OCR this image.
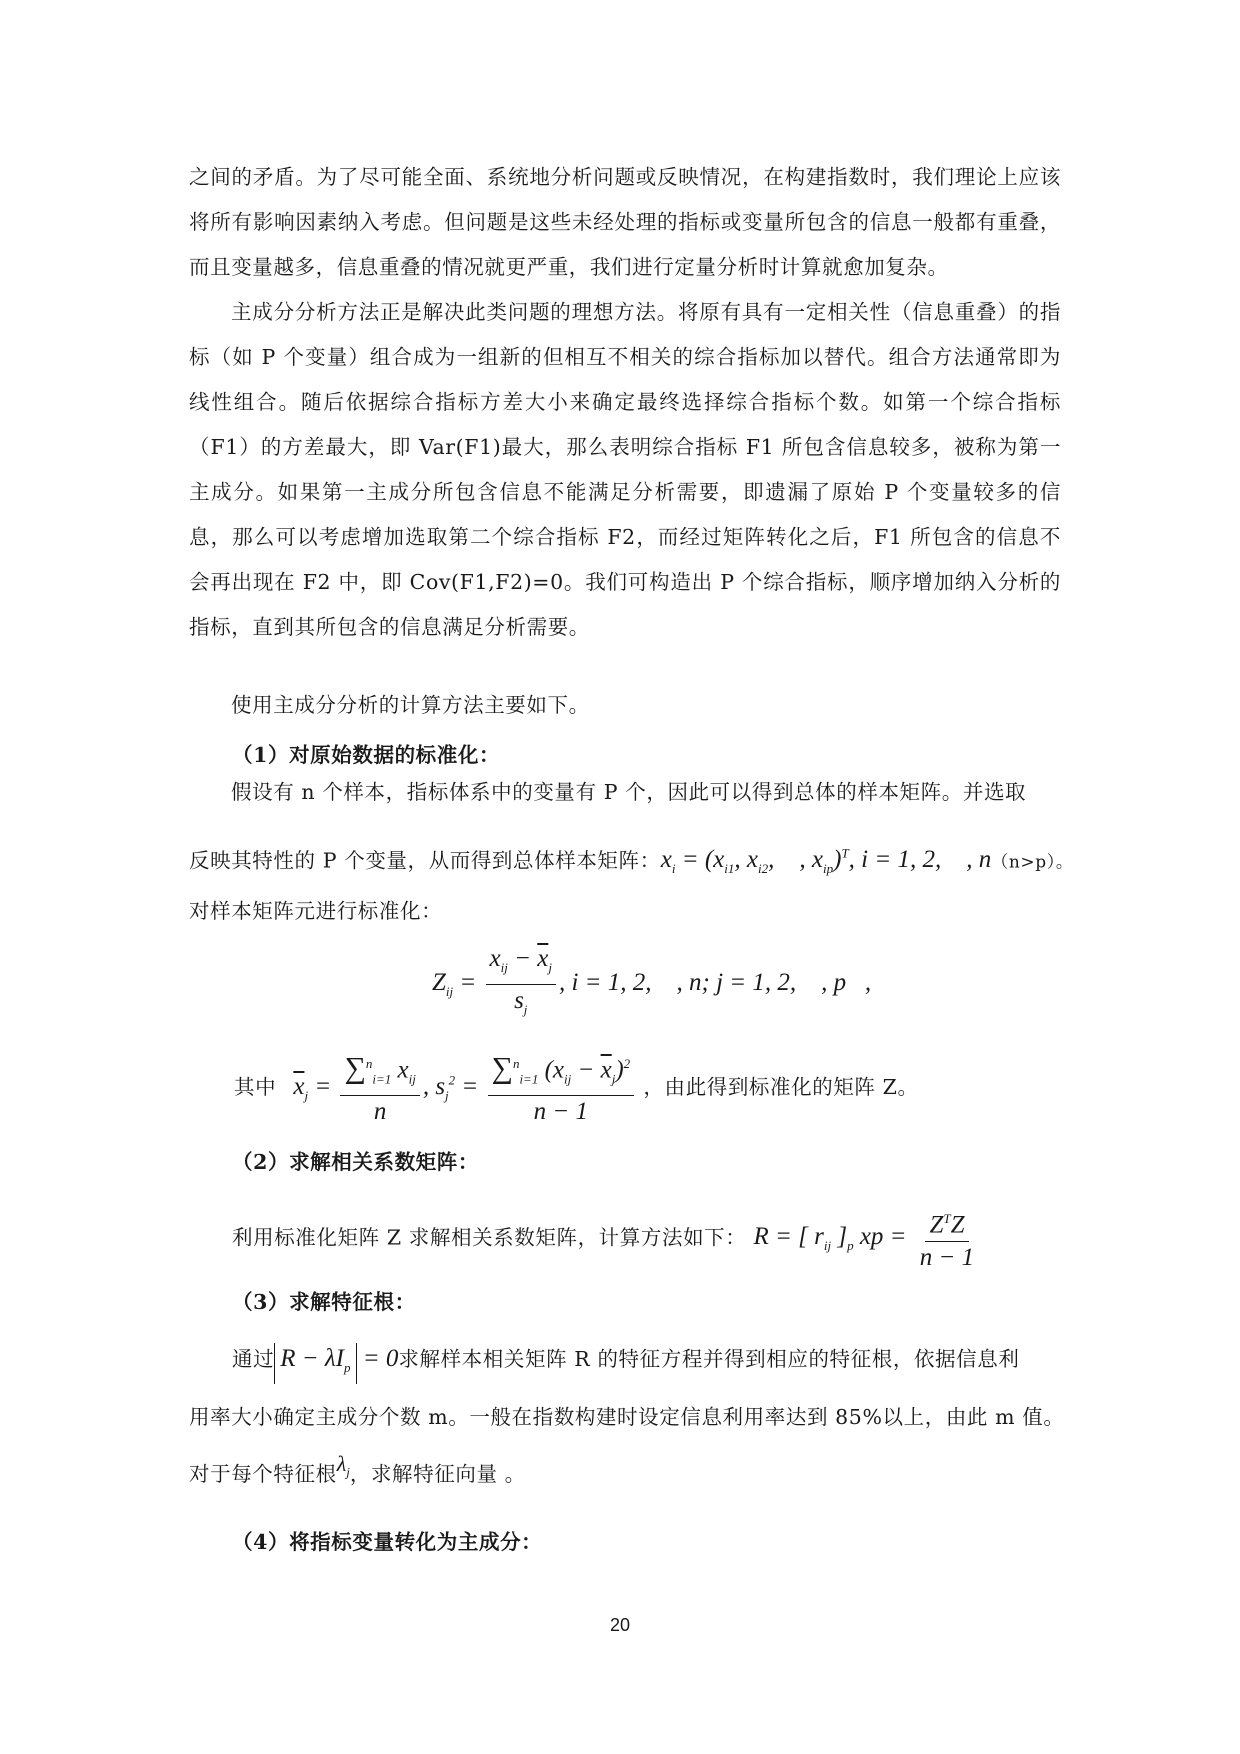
之间的矛盾。为了尽可能全面、系统地分析问题或反映情况，在构建指数时，我们理论上应该将所有影响因素纳入考虑。但问题是这些未经处理的指标或变量所包含的信息一般都有重叠，而且变量越多，信息重叠的情况就更严重，我们进行定量分析时计算就愈加复杂。

主成分分析方法正是解决此类问题的理想方法。将原有具有一定相关性（信息重叠）的指标（如 P 个变量）组合成为一组新的但相互不相关的综合指标加以替代。组合方法通常即为线性组合。随后依据综合指标方差大小来确定最终选择综合指标个数。如第一个综合指标（F1）的方差最大，即 Var(F1)最大，那么表明综合指标 F1 所包含信息较多，被称为第一主成分。如果第一主成分所包含信息不能满足分析需要，即遗漏了原始 P 个变量较多的信息，那么可以考虑增加选取第二个综合指标 F2，而经过矩阵转化之后，F1 所包含的信息不会再出现在 F2 中，即 Cov(F1,F2)=0。我们可构造出 P 个综合指标，顺序增加纳入分析的指标，直到其所包含的信息满足分析需要。

使用主成分分析的计算方法主要如下。

（1）对原始数据的标准化：

假设有 n 个样本，指标体系中的变量有 P 个，因此可以得到总体的样本矩阵。并选取

反映其特性的 P 个变量，从而得到总体样本矩阵：$x_i = (x_{i1}$, $x_{i2}$,    , $x_{ip})^T$, i = 1, 2,    , n（n>p）。
对样本矩阵元进行标准化：
$Z_{ij} = \frac{x_{ij} - \overline{x}_j}{s_j}$ , i = 1, 2,    , n; j = 1, 2,    , p   ,
其中 $\overline{x}_j = \frac{\sum^n_{i=1} x_{ij}}{n}$ , $s_j^2 = \frac{\sum^n_{i=1} (x_{ij} - \overline{x}_j)^2}{n - 1}$ ，由此得到标准化的矩阵 Z。
（2）求解相关系数矩阵：
利用标准化矩阵 Z 求解相关系数矩阵，计算方法如下： R = [ $r_{ij}$ ]$_p$ xp = $\frac{Z^TZ}{n - 1}$
（3）求解特征根：
通过 $R - \lambda I_p = 0$求解样本相关矩阵 R 的特征方程并得到相应的特征根，依据信息利
用率大小确定主成分个数 m。一般在指数构建时设定信息利用率达到 85%以上，由此 m 值。
对于每个特征根$\lambda_j$，求解特征向量 。
（4）将指标变量转化为主成分：
20
